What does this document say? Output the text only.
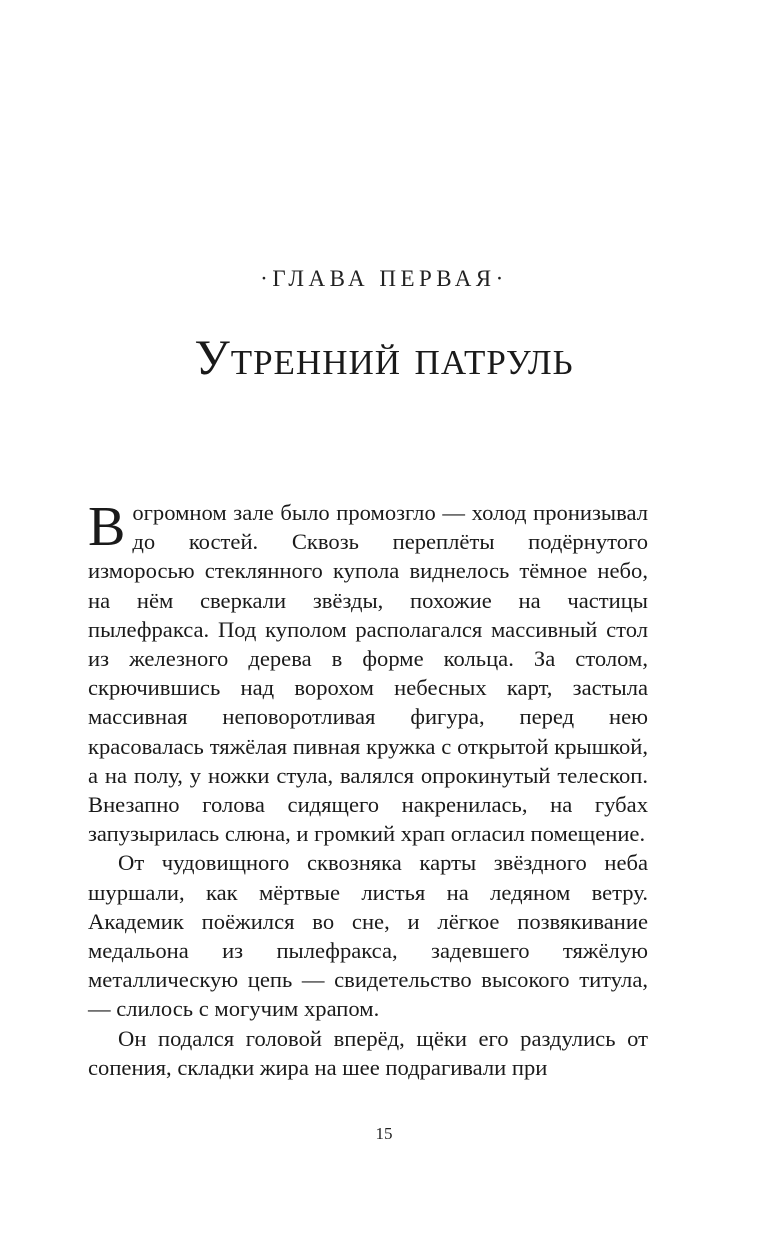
·ГЛАВА ПЕРВАЯ·
Утренний патруль

В огромном зале было промозгло — холод пронизывал до костей. Сквозь переплёты подёрнутого изморосью стеклянного купола виднелось тёмное небо, на нём сверкали звёзды, похожие на частицы пылефракса. Под куполом располагался массивный стол из железного дерева в форме кольца. За столом, скрючившись над ворохом небесных карт, застыла массивная неповоротливая фигура, перед нею красовалась тяжёлая пивная кружка с открытой крышкой, а на полу, у ножки стула, валялся опрокинутый телескоп. Внезапно голова сидящего накренилась, на губах запузырилась слюна, и громкий храп огласил помещение.

От чудовищного сквозняка карты звёздного неба шуршали, как мёртвые листья на ледяном ветру. Академик поёжился во сне, и лёгкое позвякивание медальона из пылефракса, задевшего тяжёлую металлическую цепь — свидетельство высокого титула, — слилось с могучим храпом.

Он подался головой вперёд, щёки его раздулись от сопения, складки жира на шее подрагивали при

15
